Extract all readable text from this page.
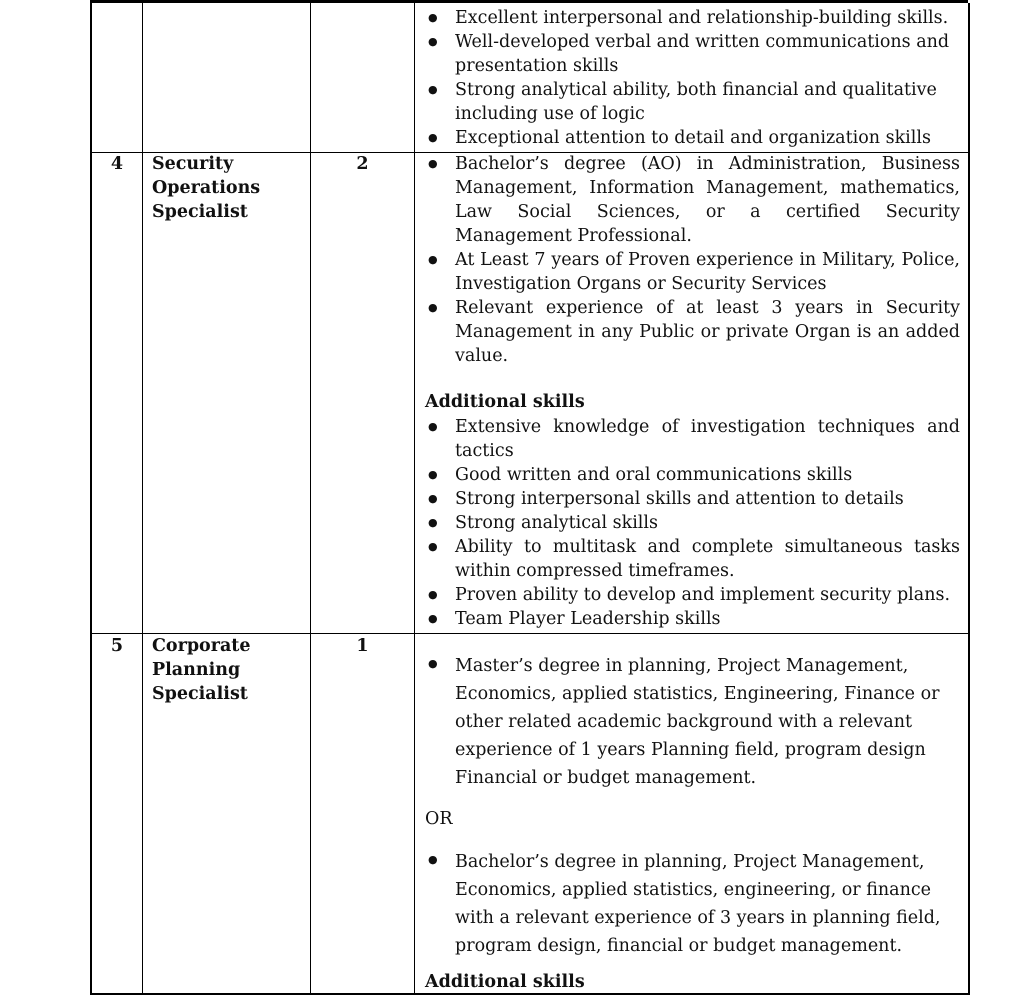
● Excellent interpersonal and relationship-building skills.
● Well-developed verbal and written communications and presentation skills
● Strong analytical ability, both financial and qualitative including use of logic
● Exceptional attention to detail and organization skills
4	Security Operations Specialist
2
●	Bachelor’s degree (AO) in Administration, Business Management, Information Management, mathematics, Law Social Sciences, or a certified Security Management Professional.
● At Least 7 years of Proven experience in Military, Police, Investigation Organs or Security Services
● Relevant experience of at least 3 years in Security Management in any Public or private Organ is an added value.
Additional skills
● Extensive knowledge of investigation techniques and tactics
● Good written and oral communications skills
● Strong interpersonal skills and attention to details
● Strong analytical skills
● Ability to multitask and complete simultaneous tasks within compressed timeframes.
● Proven ability to develop and implement security plans.
● Team Player Leadership skills
5	Corporate Planning Specialist
1
● Master’s degree in planning, Project Management, Economics, applied statistics, Engineering, Finance or other related academic background with a relevant experience of 1 years Planning field, program design Financial or budget management.
OR
● Bachelor’s degree in planning, Project Management, Economics, applied statistics, engineering, or finance with a relevant experience of 3 years in planning field, program design, financial or budget management.
Additional skills
